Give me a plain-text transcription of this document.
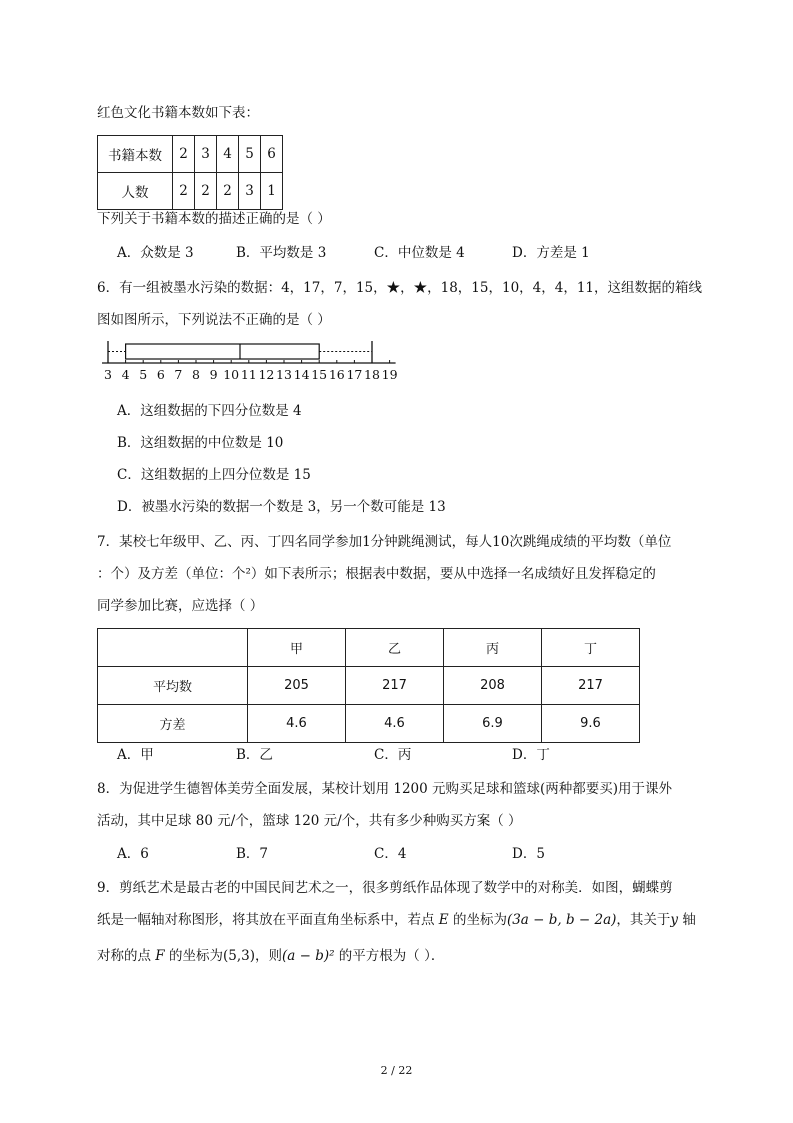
红色文化书籍本数如下表：
书籍本数	2	3	4	5	6
人数	2	2	2	3	1
下列关于书籍本数的描述正确的是（ ）
A．众数是 3	B．平均数是 3	C．中位数是 4	D．方差是 1
6．有一组被墨水污染的数据：4，17，7，15，★，★，18，15，10，4，4，11，这组数据的箱线
图如图所示，下列说法不正确的是（ ）
3 4 5 6 7 8 9 10 11 12 13 14 15 16 17 18 19
A．这组数据的下四分位数是 4
B．这组数据的中位数是 10
C．这组数据的上四分位数是 15
D．被墨水污染的数据一个数是 3，另一个数可能是 13
7．某校七年级甲、乙、丙、丁四名同学参加1分钟跳绳测试，每人10次跳绳成绩的平均数（单位
：个）及方差（单位：个²）如下表所示；根据表中数据，要从中选择一名成绩好且发挥稳定的
同学参加比赛，应选择（ ）
	甲	乙	丙	丁
平均数	205	217	208	217
方差	4.6	4.6	6.9	9.6
A．甲	B．乙	C．丙	D．丁
8．为促进学生德智体美劳全面发展，某校计划用 1200 元购买足球和篮球(两种都要买)用于课外
活动，其中足球 80 元/个，篮球 120 元/个，共有多少种购买方案（ ）
A．6	B．7	C．4	D．5
9．剪纸艺术是最古老的中国民间艺术之一，很多剪纸作品体现了数学中的对称美．如图，蝴蝶剪
纸是一幅轴对称图形，将其放在平面直角坐标系中，若点 E 的坐标为(3a − b, b − 2a)，其关于y 轴
对称的点 F 的坐标为(5,3)，则(a − b)² 的平方根为（ ）．
2 / 22
